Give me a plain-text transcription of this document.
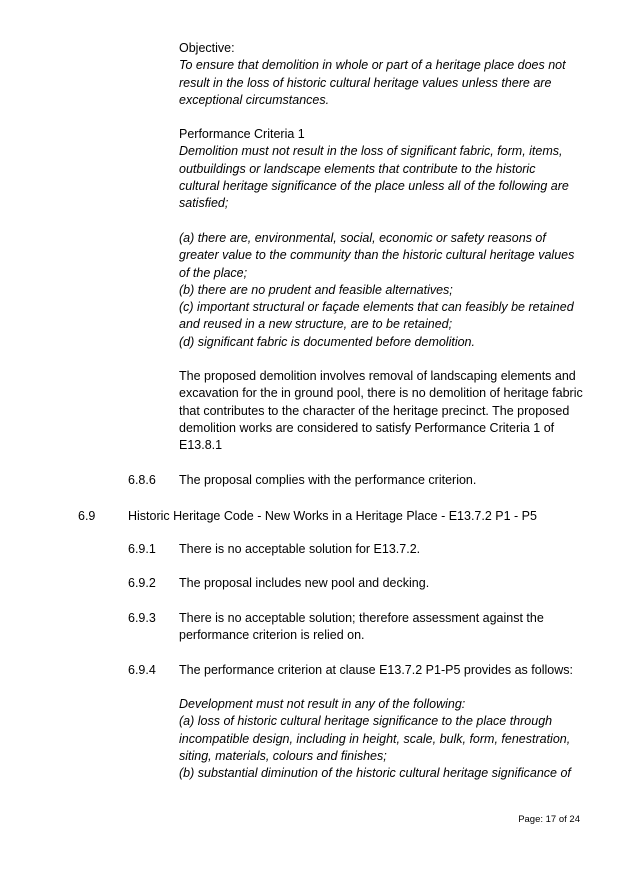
Objective:
To ensure that demolition in whole or part of a heritage place does not
result in the loss of historic cultural heritage values unless there are
exceptional circumstances.
Performance Criteria 1
Demolition must not result in the loss of significant fabric, form, items,
outbuildings or landscape elements that contribute to the historic
cultural heritage significance of the place unless all of the following are
satisfied;
(a) there are, environmental, social, economic or safety reasons of
greater value to the community than the historic cultural heritage values
of the place;
(b) there are no prudent and feasible alternatives;
(c) important structural or façade elements that can feasibly be retained
and reused in a new structure, are to be retained;
(d) significant fabric is documented before demolition.
The proposed demolition involves removal of landscaping elements and
excavation for the in ground pool, there is no demolition of heritage fabric
that contributes to the character of the heritage precinct. The proposed
demolition works are considered to satisfy Performance Criteria 1 of
E13.8.1
6.8.6 The proposal complies with the performance criterion.
6.9	Historic Heritage Code - New Works in a Heritage Place - E13.7.2 P1 - P5
6.9.1 There is no acceptable solution for E13.7.2.
6.9.2 The proposal includes new pool and decking.
6.9.3 There is no acceptable solution; therefore assessment against the
performance criterion is relied on.
6.9.4 The performance criterion at clause E13.7.2 P1-P5 provides as follows:
Development must not result in any of the following:
(a) loss of historic cultural heritage significance to the place through
incompatible design, including in height, scale, bulk, form, fenestration,
siting, materials, colours and finishes;
(b) substantial diminution of the historic cultural heritage significance of
Page: 17 of 24
